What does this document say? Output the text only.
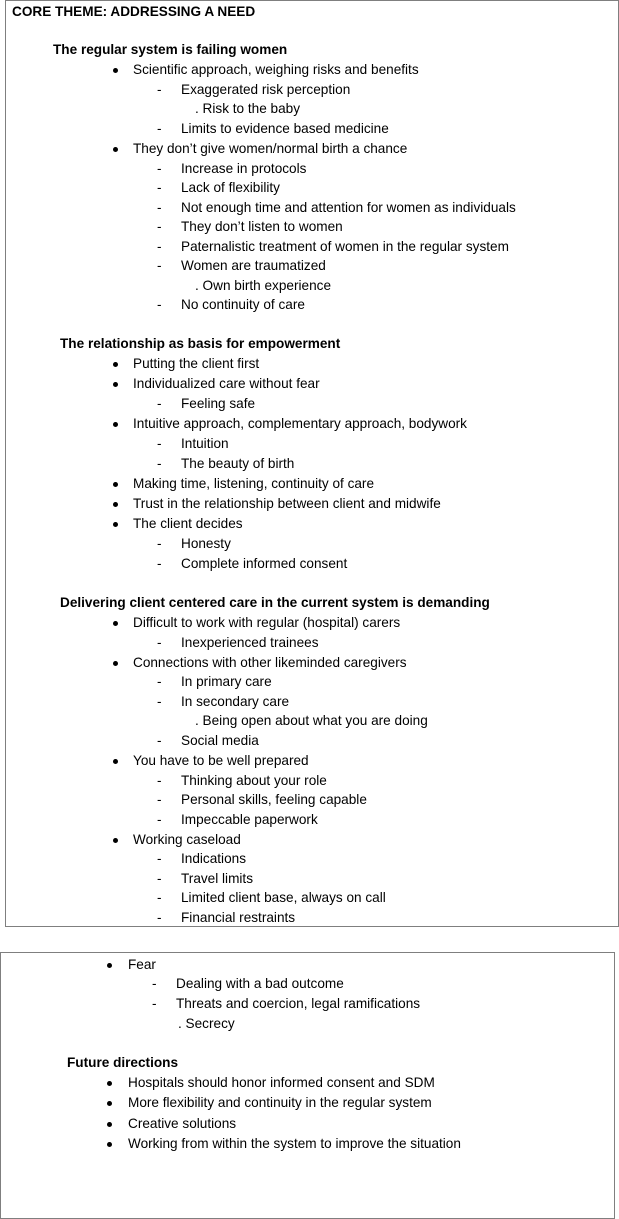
CORE THEME: ADDRESSING A NEED
The regular system is failing women
Scientific approach, weighing risks and benefits
- Exaggerated risk perception
. Risk to the baby
- Limits to evidence based medicine
They don’t give women/normal birth a chance
- Increase in protocols
- Lack of flexibility
- Not enough time and attention for women as individuals
- They don’t listen to women
- Paternalistic treatment of women in the regular system
- Women are traumatized
. Own birth experience
- No continuity of care
The relationship as basis for empowerment
Putting the client first
Individualized care without fear
- Feeling safe
Intuitive approach, complementary approach, bodywork
- Intuition
- The beauty of birth
Making time, listening, continuity of care
Trust in the relationship between client and midwife
The client decides
- Honesty
- Complete informed consent
Delivering client centered care in the current system is demanding
Difficult to work with regular (hospital) carers
- Inexperienced trainees
Connections with other likeminded caregivers
- In primary care
- In secondary care
. Being open about what you are doing
- Social media
You have to be well prepared
- Thinking about your role
- Personal skills, feeling capable
- Impeccable paperwork
Working caseload
- Indications
- Travel limits
- Limited client base, always on call
- Financial restraints
Fear
- Dealing with a bad outcome
- Threats and coercion, legal ramifications
. Secrecy
Future directions
Hospitals should honor informed consent and SDM
More flexibility and continuity in the regular system
Creative solutions
Working from within the system to improve the situation
